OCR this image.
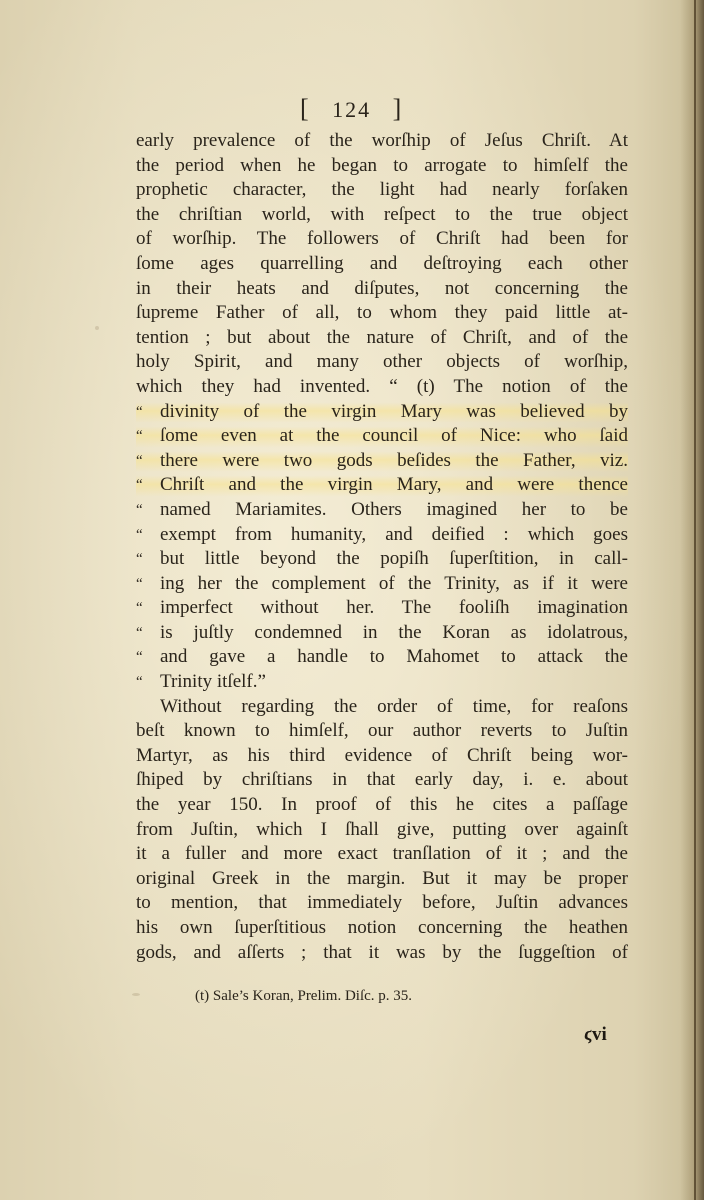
[ 124 ]
early prevalence of the worſhip of Jeſus Chriſt. At
the period when he began to arrogate to himſelf the
prophetic character, the light had nearly forſaken
the chriſtian world, with reſpect to the true object
of worſhip. The followers of Chriſt had been for
ſome ages quarrelling and deſtroying each other
in their heats and diſputes, not concerning the
ſupreme Father of all, to whom they paid little at-
tention ; but about the nature of Chriſt, and of the
holy Spirit, and many other objects of worſhip,
which they had invented. “ (t) The notion of the
“ divinity of the virgin Mary was believed by
“ ſome even at the council of Nice: who ſaid
“ there were two gods beſides the Father, viz.
“ Chriſt and the virgin Mary, and were thence
“ named Mariamites. Others imagined her to be
“ exempt from humanity, and deified : which goes
“ but little beyond the popiſh ſuperſtition, in call-
“ ing her the complement of the Trinity, as if it were
“ imperfect without her. The fooliſh imagination
“ is juſtly condemned in the Koran as idolatrous,
“ and gave a handle to Mahomet to attack the
“ Trinity itſelf.”
Without regarding the order of time, for reaſons
beſt known to himſelf, our author reverts to Juſtin
Martyr, as his third evidence of Chriſt being wor-
ſhiped by chriſtians in that early day, i. e. about
the year 150. In proof of this he cites a paſſage
from Juſtin, which I ſhall give, putting over againſt
it a fuller and more exact tranſlation of it ; and the
original Greek in the margin. But it may be proper
to mention, that immediately before, Juſtin advances
his own ſuperſtitious notion concerning the heathen
gods, and aſſerts ; that it was by the ſuggeſtion of
(t) Sale’s Koran, Prelim. Diſc. p. 35.
ϛvi
